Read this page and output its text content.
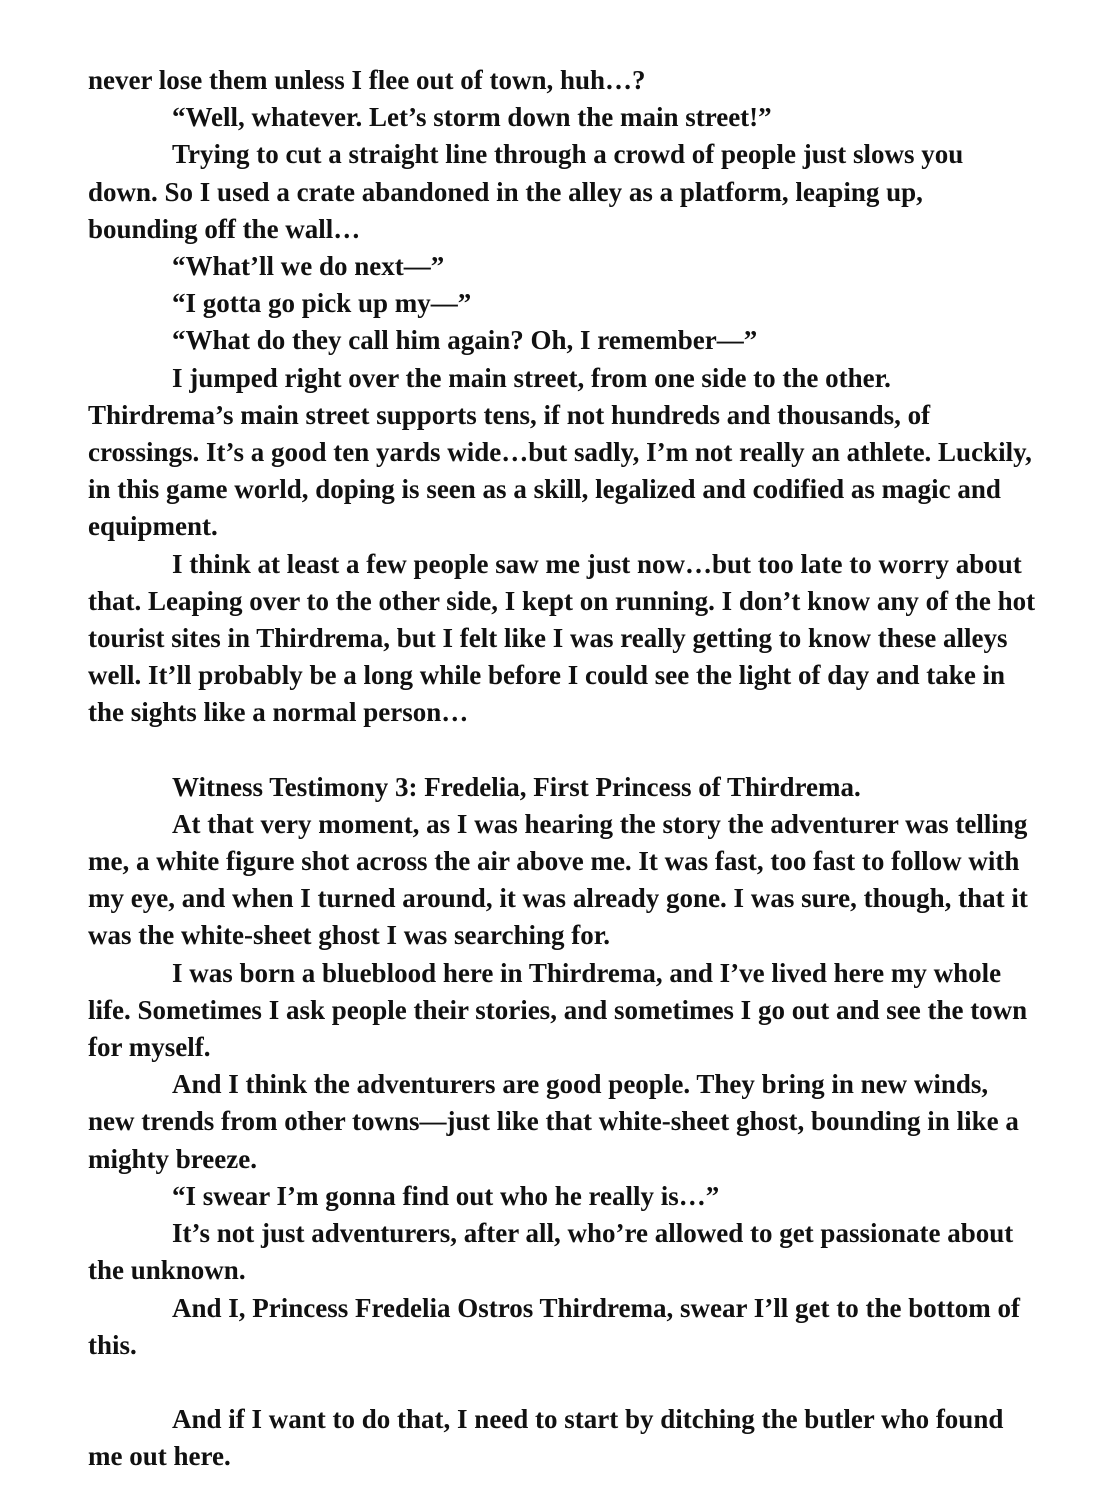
never lose them unless I flee out of town, huh…?

“Well, whatever. Let’s storm down the main street!”

Trying to cut a straight line through a crowd of people just slows you down. So I used a crate abandoned in the alley as a platform, leaping up, bounding off the wall…

“What’ll we do next—”

“I gotta go pick up my—”

“What do they call him again? Oh, I remember—”

I jumped right over the main street, from one side to the other. Thirdrema’s main street supports tens, if not hundreds and thousands, of crossings. It’s a good ten yards wide…but sadly, I’m not really an athlete. Luckily, in this game world, doping is seen as a skill, legalized and codified as magic and equipment.

I think at least a few people saw me just now…but too late to worry about that. Leaping over to the other side, I kept on running. I don’t know any of the hot tourist sites in Thirdrema, but I felt like I was really getting to know these alleys well. It’ll probably be a long while before I could see the light of day and take in the sights like a normal person…

Witness Testimony 3: Fredelia, First Princess of Thirdrema.

At that very moment, as I was hearing the story the adventurer was telling me, a white figure shot across the air above me. It was fast, too fast to follow with my eye, and when I turned around, it was already gone. I was sure, though, that it was the white-sheet ghost I was searching for.

I was born a blueblood here in Thirdrema, and I’ve lived here my whole life. Sometimes I ask people their stories, and sometimes I go out and see the town for myself.

And I think the adventurers are good people. They bring in new winds, new trends from other towns—just like that white-sheet ghost, bounding in like a mighty breeze.

“I swear I’m gonna find out who he really is…”

It’s not just adventurers, after all, who’re allowed to get passionate about the unknown.

And I, Princess Fredelia Ostros Thirdrema, swear I’ll get to the bottom of this.

And if I want to do that, I need to start by ditching the butler who found me out here.
